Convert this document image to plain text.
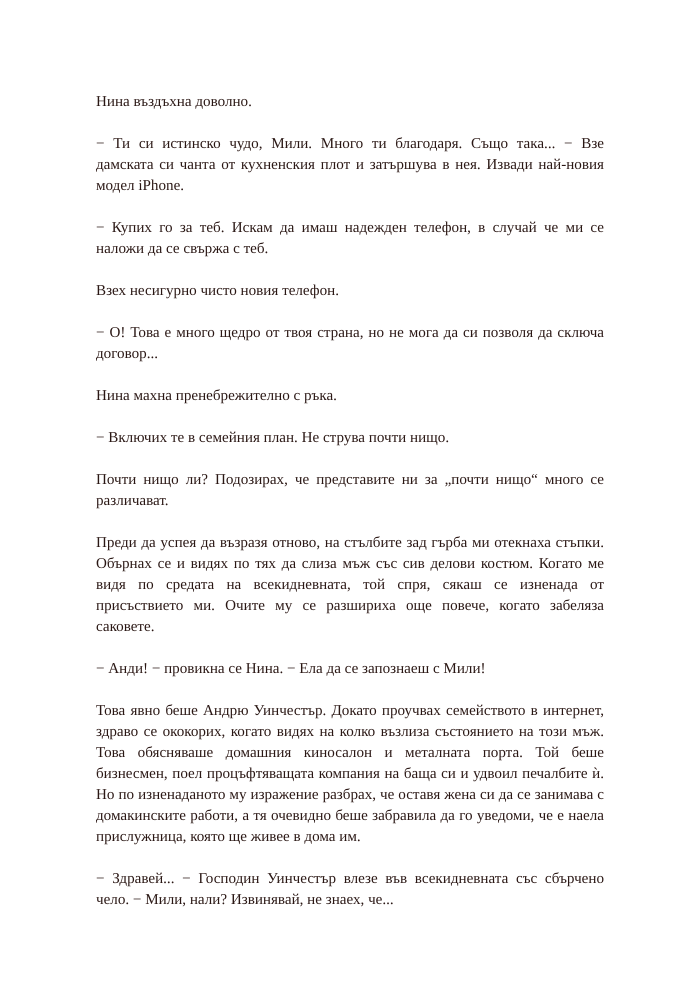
Нина въздъхна доволно.

− Ти си истинско чудо, Мили. Много ти благодаря. Също така... − Взе дамската си чанта от кухненския плот и затършува в нея. Извади най-новия модел iPhone.

− Купих го за теб. Искам да имаш надежден телефон, в случай че ми се наложи да се свържа с теб.

Взех несигурно чисто новия телефон.

− О! Това е много щедро от твоя страна, но не мога да си позволя да сключа договор...

Нина махна пренебрежително с ръка.

− Включих те в семейния план. Не струва почти нищо.

Почти нищо ли? Подозирах, че представите ни за „почти нищо“ много се различават.

Преди да успея да възразя отново, на стълбите зад гърба ми отекнаха стъпки. Обърнах се и видях по тях да слиза мъж със сив делови костюм. Когато ме видя по средата на всекидневната, той спря, сякаш се изненада от присъствието ми. Очите му се разшириха още повече, когато забеляза саковете.

− Анди! − провикна се Нина. − Ела да се запознаеш с Мили!

Това явно беше Андрю Уинчестър. Докато проучвах семейството в интернет, здраво се ококорих, когато видях на колко възлиза състоянието на този мъж. Това обясняваше домашния киносалон и металната порта. Той беше бизнесмен, поел процъфтяващата компания на баща си и удвоил печалбите ѝ. Но по изненаданото му изражение разбрах, че оставя жена си да се занимава с домакинските работи, а тя очевидно беше забравила да го уведоми, че е наела прислужница, която ще живее в дома им.

− Здравей... − Господин Уинчестър влезе във всекидневната със сбърчено чело. − Мили, нали? Извинявай, не знаех, че...
